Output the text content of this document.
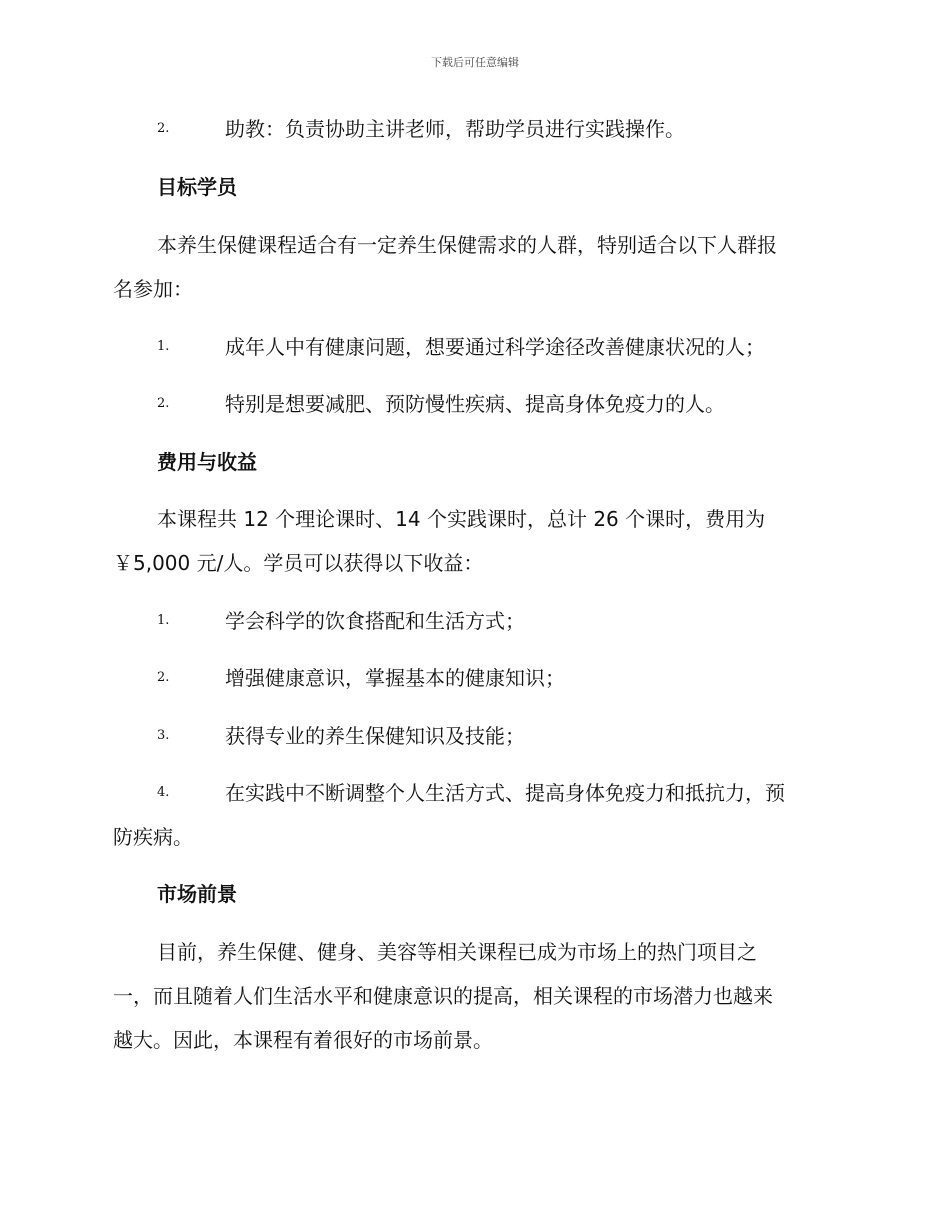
下载后可任意编辑
2.	助教：负责协助主讲老师，帮助学员进行实践操作。
目标学员
本养生保健课程适合有一定养生保健需求的人群，特别适合以下人群报
名参加：
1.	成年人中有健康问题，想要通过科学途径改善健康状况的人；
2.	特别是想要减肥、预防慢性疾病、提高身体免疫力的人。
费用与收益
本课程共 12 个理论课时、14 个实践课时，总计 26 个课时，费用为
￥5,000 元/人。学员可以获得以下收益：
1.	学会科学的饮食搭配和生活方式；
2.	增强健康意识，掌握基本的健康知识；
3.	获得专业的养生保健知识及技能；
4.	在实践中不断调整个人生活方式、提高身体免疫力和抵抗力，预
防疾病。
市场前景
目前，养生保健、健身、美容等相关课程已成为市场上的热门项目之
一，而且随着人们生活水平和健康意识的提高，相关课程的市场潜力也越来
越大。因此，本课程有着很好的市场前景。
